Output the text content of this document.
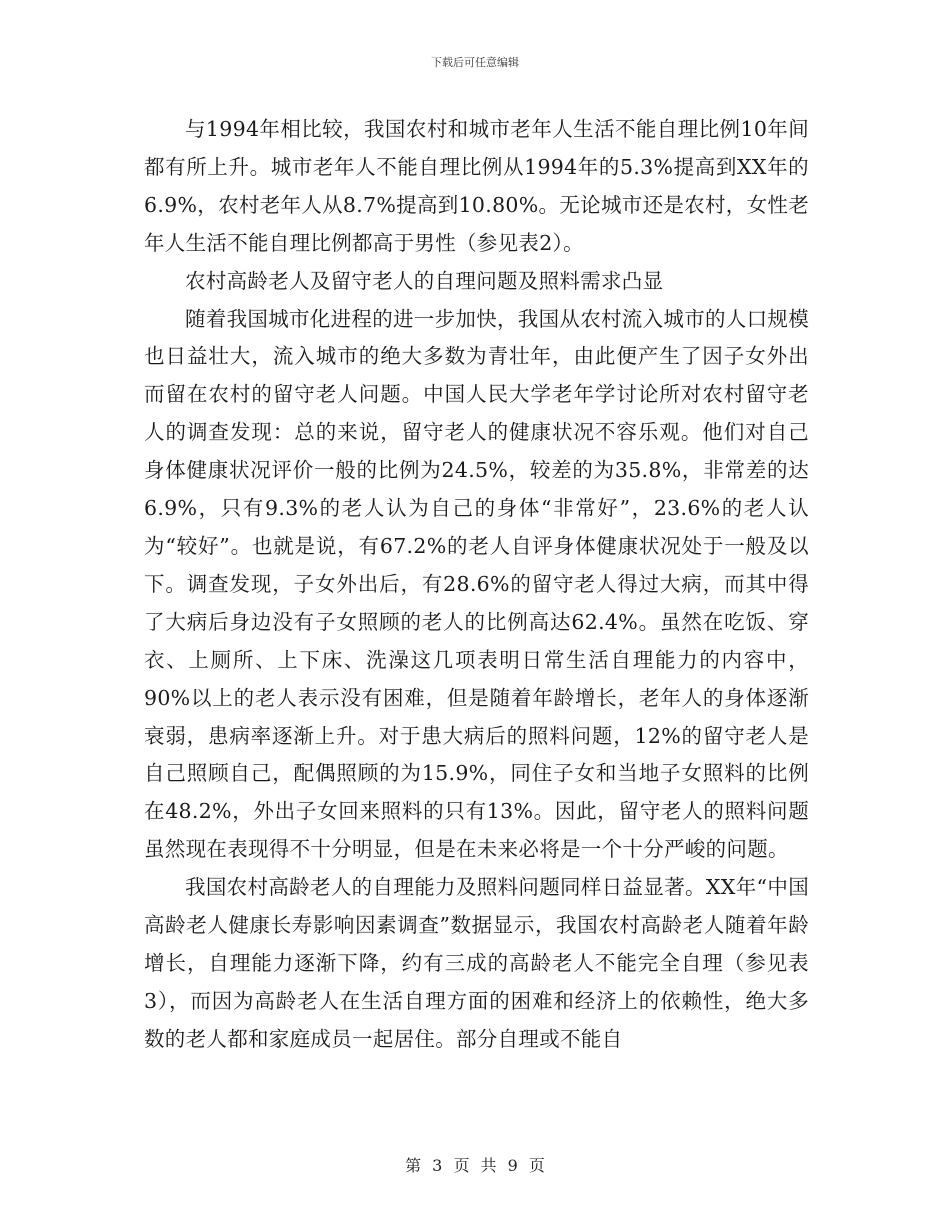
下载后可任意编辑

与1994年相比较，我国农村和城市老年人生活不能自理比例10年间都有所上升。城市老年人不能自理比例从1994年的5.3%提高到XX年的6.9%，农村老年人从8.7%提高到10.80%。无论城市还是农村，女性老年人生活不能自理比例都高于男性（参见表2）。

农村高龄老人及留守老人的自理问题及照料需求凸显

随着我国城市化进程的进一步加快，我国从农村流入城市的人口规模也日益壮大，流入城市的绝大多数为青壮年，由此便产生了因子女外出而留在农村的留守老人问题。中国人民大学老年学讨论所对农村留守老人的调查发现：总的来说，留守老人的健康状况不容乐观。他们对自己身体健康状况评价一般的比例为24.5%，较差的为35.8%，非常差的达6.9%，只有9.3%的老人认为自己的身体“非常好”，23.6%的老人认为“较好”。也就是说，有67.2%的老人自评身体健康状况处于一般及以下。调查发现，子女外出后，有28.6%的留守老人得过大病，而其中得了大病后身边没有子女照顾的老人的比例高达62.4%。虽然在吃饭、穿衣、上厕所、上下床、洗澡这几项表明日常生活自理能力的内容中，90%以上的老人表示没有困难，但是随着年龄增长，老年人的身体逐渐衰弱，患病率逐渐上升。对于患大病后的照料问题，12%的留守老人是自己照顾自己，配偶照顾的为15.9%，同住子女和当地子女照料的比例在48.2%，外出子女回来照料的只有13%。因此，留守老人的照料问题虽然现在表现得不十分明显，但是在未来必将是一个十分严峻的问题。

我国农村高龄老人的自理能力及照料问题同样日益显著。XX年“中国高龄老人健康长寿影响因素调查”数据显示，我国农村高龄老人随着年龄增长，自理能力逐渐下降，约有三成的高龄老人不能完全自理（参见表3），而因为高龄老人在生活自理方面的困难和经济上的依赖性，绝大多数的老人都和家庭成员一起居住。部分自理或不能自

第 3 页 共 9 页
